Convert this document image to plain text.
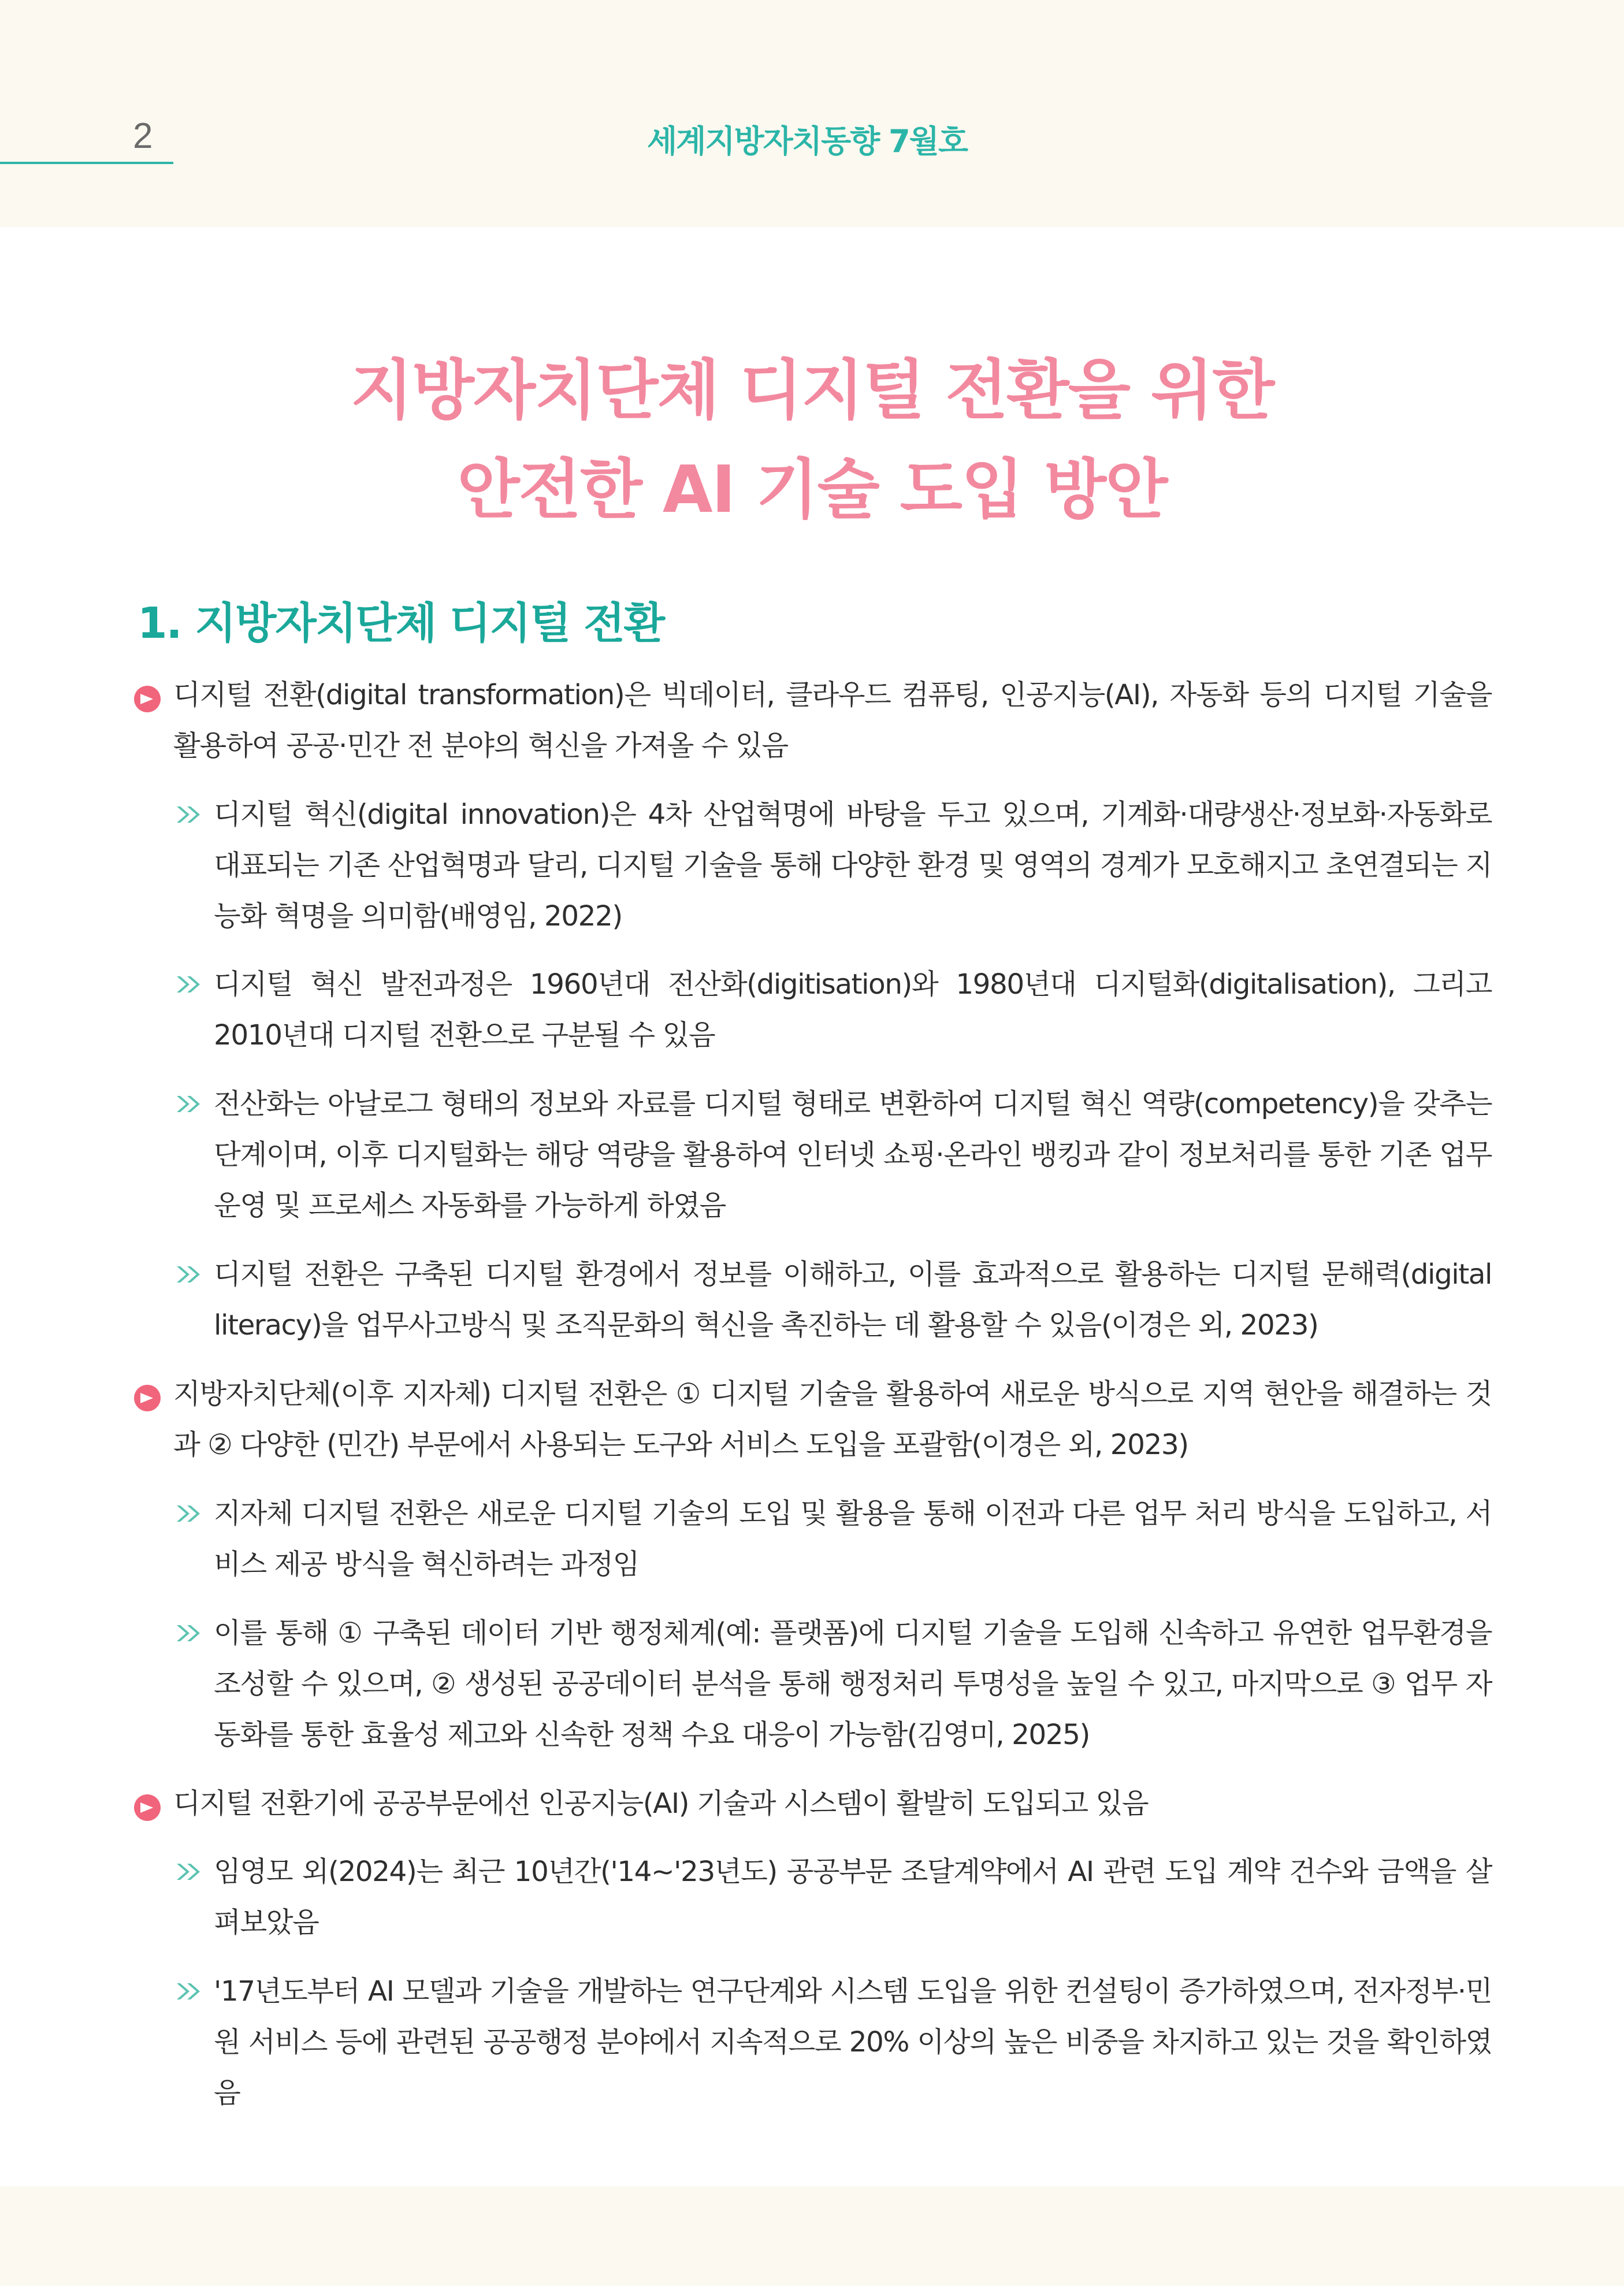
2	세계지방자치동향 7월호
지방자치단체 디지털 전환을 위한
안전한 AI 기술 도입 방안
1. 지방자치단체 디지털 전환

디지털 전환(digital transformation)은 빅데이터, 클라우드 컴퓨팅, 인공지능(AI), 자동화 등의 디지털 기술을 활용하여 공공·민간 전 분야의 혁신을 가져올 수 있음

디지털 혁신(digital innovation)은 4차 산업혁명에 바탕을 두고 있으며, 기계화·대량생산·정보화·자동화로 대표되는 기존 산업혁명과 달리, 디지털 기술을 통해 다양한 환경 및 영역의 경계가 모호해지고 초연결되는 지능화 혁명을 의미함(배영임, 2022)

디지털 혁신 발전과정은 1960년대 전산화(digitisation)와 1980년대 디지털화(digitalisation), 그리고 2010년대 디지털 전환으로 구분될 수 있음

전산화는 아날로그 형태의 정보와 자료를 디지털 형태로 변환하여 디지털 혁신 역량(competency)을 갖추는 단계이며, 이후 디지털화는 해당 역량을 활용하여 인터넷 쇼핑·온라인 뱅킹과 같이 정보처리를 통한 기존 업무 운영 및 프로세스 자동화를 가능하게 하였음

디지털 전환은 구축된 디지털 환경에서 정보를 이해하고, 이를 효과적으로 활용하는 디지털 문해력(digital literacy)을 업무사고방식 및 조직문화의 혁신을 촉진하는 데 활용할 수 있음(이경은 외, 2023)

지방자치단체(이후 지자체) 디지털 전환은 ① 디지털 기술을 활용하여 새로운 방식으로 지역 현안을 해결하는 것과 ② 다양한 (민간) 부문에서 사용되는 도구와 서비스 도입을 포괄함(이경은 외, 2023)

지자체 디지털 전환은 새로운 디지털 기술의 도입 및 활용을 통해 이전과 다른 업무 처리 방식을 도입하고, 서비스 제공 방식을 혁신하려는 과정임

이를 통해 ① 구축된 데이터 기반 행정체계(예: 플랫폼)에 디지털 기술을 도입해 신속하고 유연한 업무환경을 조성할 수 있으며, ② 생성된 공공데이터 분석을 통해 행정처리 투명성을 높일 수 있고, 마지막으로 ③ 업무 자동화를 통한 효율성 제고와 신속한 정책 수요 대응이 가능함(김영미, 2025)

디지털 전환기에 공공부문에선 인공지능(AI) 기술과 시스템이 활발히 도입되고 있음

임영모 외(2024)는 최근 10년간('14~'23년도) 공공부문 조달계약에서 AI 관련 도입 계약 건수와 금액을 살펴보았음

'17년도부터 AI 모델과 기술을 개발하는 연구단계와 시스템 도입을 위한 컨설팅이 증가하였으며, 전자정부·민원 서비스 등에 관련된 공공행정 분야에서 지속적으로 20% 이상의 높은 비중을 차지하고 있는 것을 확인하였음
